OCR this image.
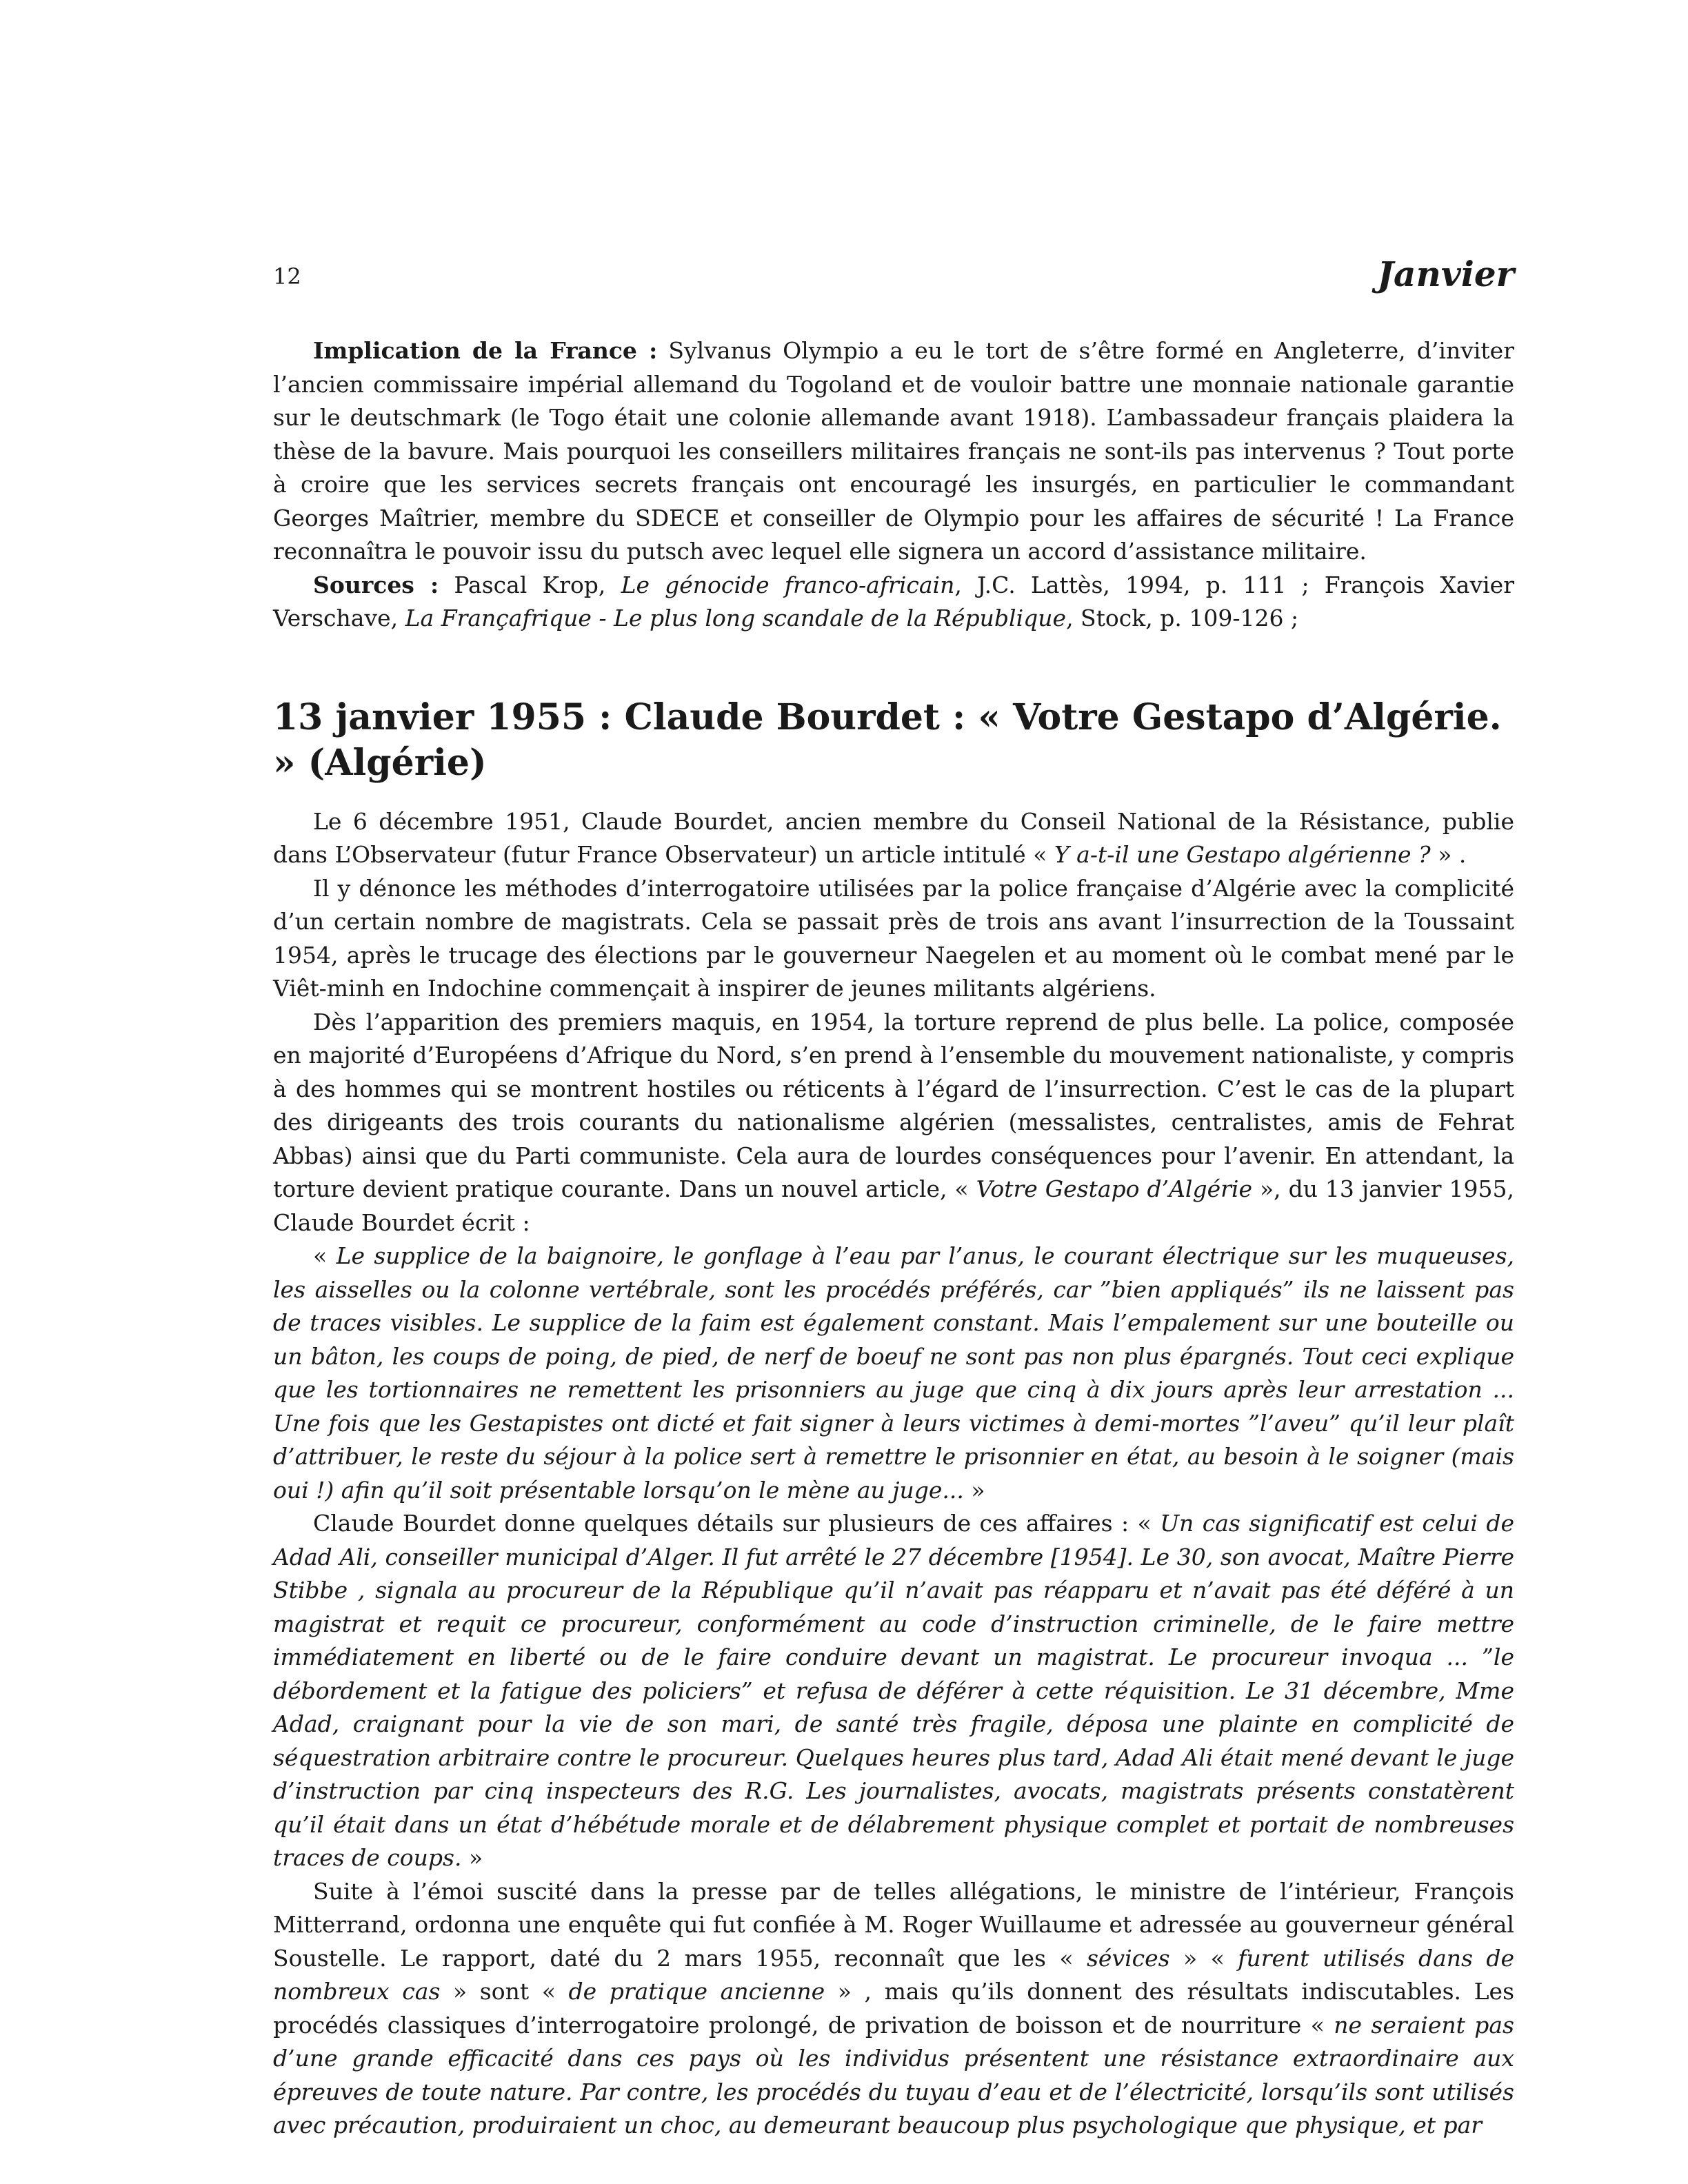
12	Janvier

Implication de la France : Sylvanus Olympio a eu le tort de s’être formé en Angleterre, d’inviter l’ancien commissaire impérial allemand du Togoland et de vouloir battre une monnaie nationale garantie sur le deutschmark (le Togo était une colonie allemande avant 1918). L’ambassadeur français plaidera la thèse de la bavure. Mais pourquoi les conseillers militaires français ne sont-ils pas intervenus ? Tout porte à croire que les services secrets français ont encouragé les insurgés, en particulier le commandant Georges Maîtrier, membre du SDECE et conseiller de Olympio pour les affaires de sécurité ! La France reconnaîtra le pouvoir issu du putsch avec lequel elle signera un accord d’assistance militaire.

Sources : Pascal Krop, Le génocide franco-africain, J.C. Lattès, 1994, p. 111 ; François Xavier Verschave, La Françafrique - Le plus long scandale de la République, Stock, p. 109-126 ;

13 janvier 1955 : Claude Bourdet : « Votre Gestapo d’Algérie. » (Algérie)

Le 6 décembre 1951, Claude Bourdet, ancien membre du Conseil National de la Résistance, publie dans L’Observateur (futur France Observateur) un article intitulé « Y a-t-il une Gestapo algérienne ? » .

Il y dénonce les méthodes d’interrogatoire utilisées par la police française d’Algérie avec la complicité d’un certain nombre de magistrats. Cela se passait près de trois ans avant l’insurrection de la Toussaint 1954, après le trucage des élections par le gouverneur Naegelen et au moment où le combat mené par le Viêt-minh en Indochine commençait à inspirer de jeunes militants algériens.

Dès l’apparition des premiers maquis, en 1954, la torture reprend de plus belle. La police, composée en majorité d’Européens d’Afrique du Nord, s’en prend à l’ensemble du mouvement nationaliste, y compris à des hommes qui se montrent hostiles ou réticents à l’égard de l’insurrection. C’est le cas de la plupart des dirigeants des trois courants du nationalisme algérien (messalistes, centralistes, amis de Fehrat Abbas) ainsi que du Parti communiste. Cela aura de lourdes conséquences pour l’avenir. En attendant, la torture devient pratique courante. Dans un nouvel article, « Votre Gestapo d’Algérie », du 13 janvier 1955, Claude Bourdet écrit :

« Le supplice de la baignoire, le gonflage à l’eau par l’anus, le courant électrique sur les muqueuses, les aisselles ou la colonne vertébrale, sont les procédés préférés, car ”bien appliqués” ils ne laissent pas de traces visibles. Le supplice de la faim est également constant. Mais l’empalement sur une bouteille ou un bâton, les coups de poing, de pied, de nerf de boeuf ne sont pas non plus épargnés. Tout ceci explique que les tortionnaires ne remettent les prisonniers au juge que cinq à dix jours après leur arrestation ... Une fois que les Gestapistes ont dicté et fait signer à leurs victimes à demi-mortes ”l’aveu” qu’il leur plaît d’attribuer, le reste du séjour à la police sert à remettre le prisonnier en état, au besoin à le soigner (mais oui !) afin qu’il soit présentable lorsqu’on le mène au juge... »

Claude Bourdet donne quelques détails sur plusieurs de ces affaires : « Un cas significatif est celui de Adad Ali, conseiller municipal d’Alger. Il fut arrêté le 27 décembre [1954]. Le 30, son avocat, Maître Pierre Stibbe , signala au procureur de la République qu’il n’avait pas réapparu et n’avait pas été déféré à un magistrat et requit ce procureur, conformément au code d’instruction criminelle, de le faire mettre immédiatement en liberté ou de le faire conduire devant un magistrat. Le procureur invoqua ... ”le débordement et la fatigue des policiers” et refusa de déférer à cette réquisition. Le 31 décembre, Mme Adad, craignant pour la vie de son mari, de santé très fragile, déposa une plainte en complicité de séquestration arbitraire contre le procureur. Quelques heures plus tard, Adad Ali était mené devant le juge d’instruction par cinq inspecteurs des R.G. Les journalistes, avocats, magistrats présents constatèrent qu’il était dans un état d’hébétude morale et de délabrement physique complet et portait de nombreuses traces de coups. »

Suite à l’émoi suscité dans la presse par de telles allégations, le ministre de l’intérieur, François Mitterrand, ordonna une enquête qui fut confiée à M. Roger Wuillaume et adressée au gouverneur général Soustelle. Le rapport, daté du 2 mars 1955, reconnaît que les « sévices » « furent utilisés dans de nombreux cas » sont « de pratique ancienne » , mais qu’ils donnent des résultats indiscutables. Les procédés classiques d’interrogatoire prolongé, de privation de boisson et de nourriture « ne seraient pas d’une grande efficacité dans ces pays où les individus présentent une résistance extraordinaire aux épreuves de toute nature. Par contre, les procédés du tuyau d’eau et de l’électricité, lorsqu’ils sont utilisés avec précaution, produiraient un choc, au demeurant beaucoup plus psychologique que physique, et par
